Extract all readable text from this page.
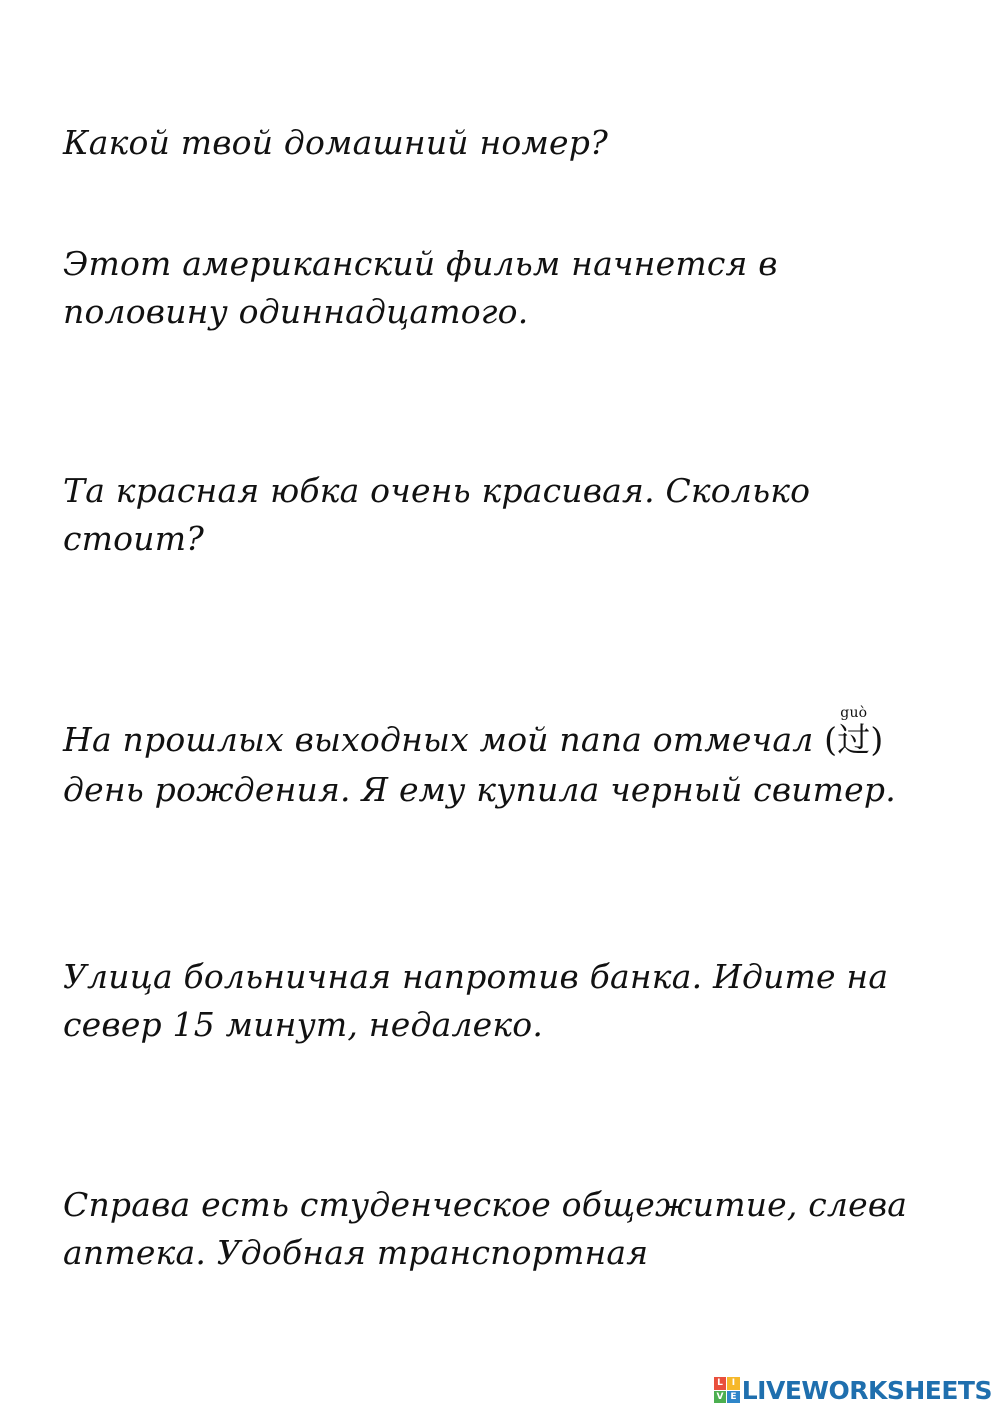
Какой твой домашний номер?

Этот американский фильм начнется в
половину одиннадцатого.

Та красная юбка очень красивая. Сколько
стоит?

На прошлых выходных мой папа отмечал (过guò)
день рождения. Я ему купила черный свитер.

Улица больничная напротив банка. Идите на
север 15 минут, недалеко.

Справа есть студенческое общежитие, слева
аптека. Удобная транспортная

L I
V E LIVEWORKSHEETS
